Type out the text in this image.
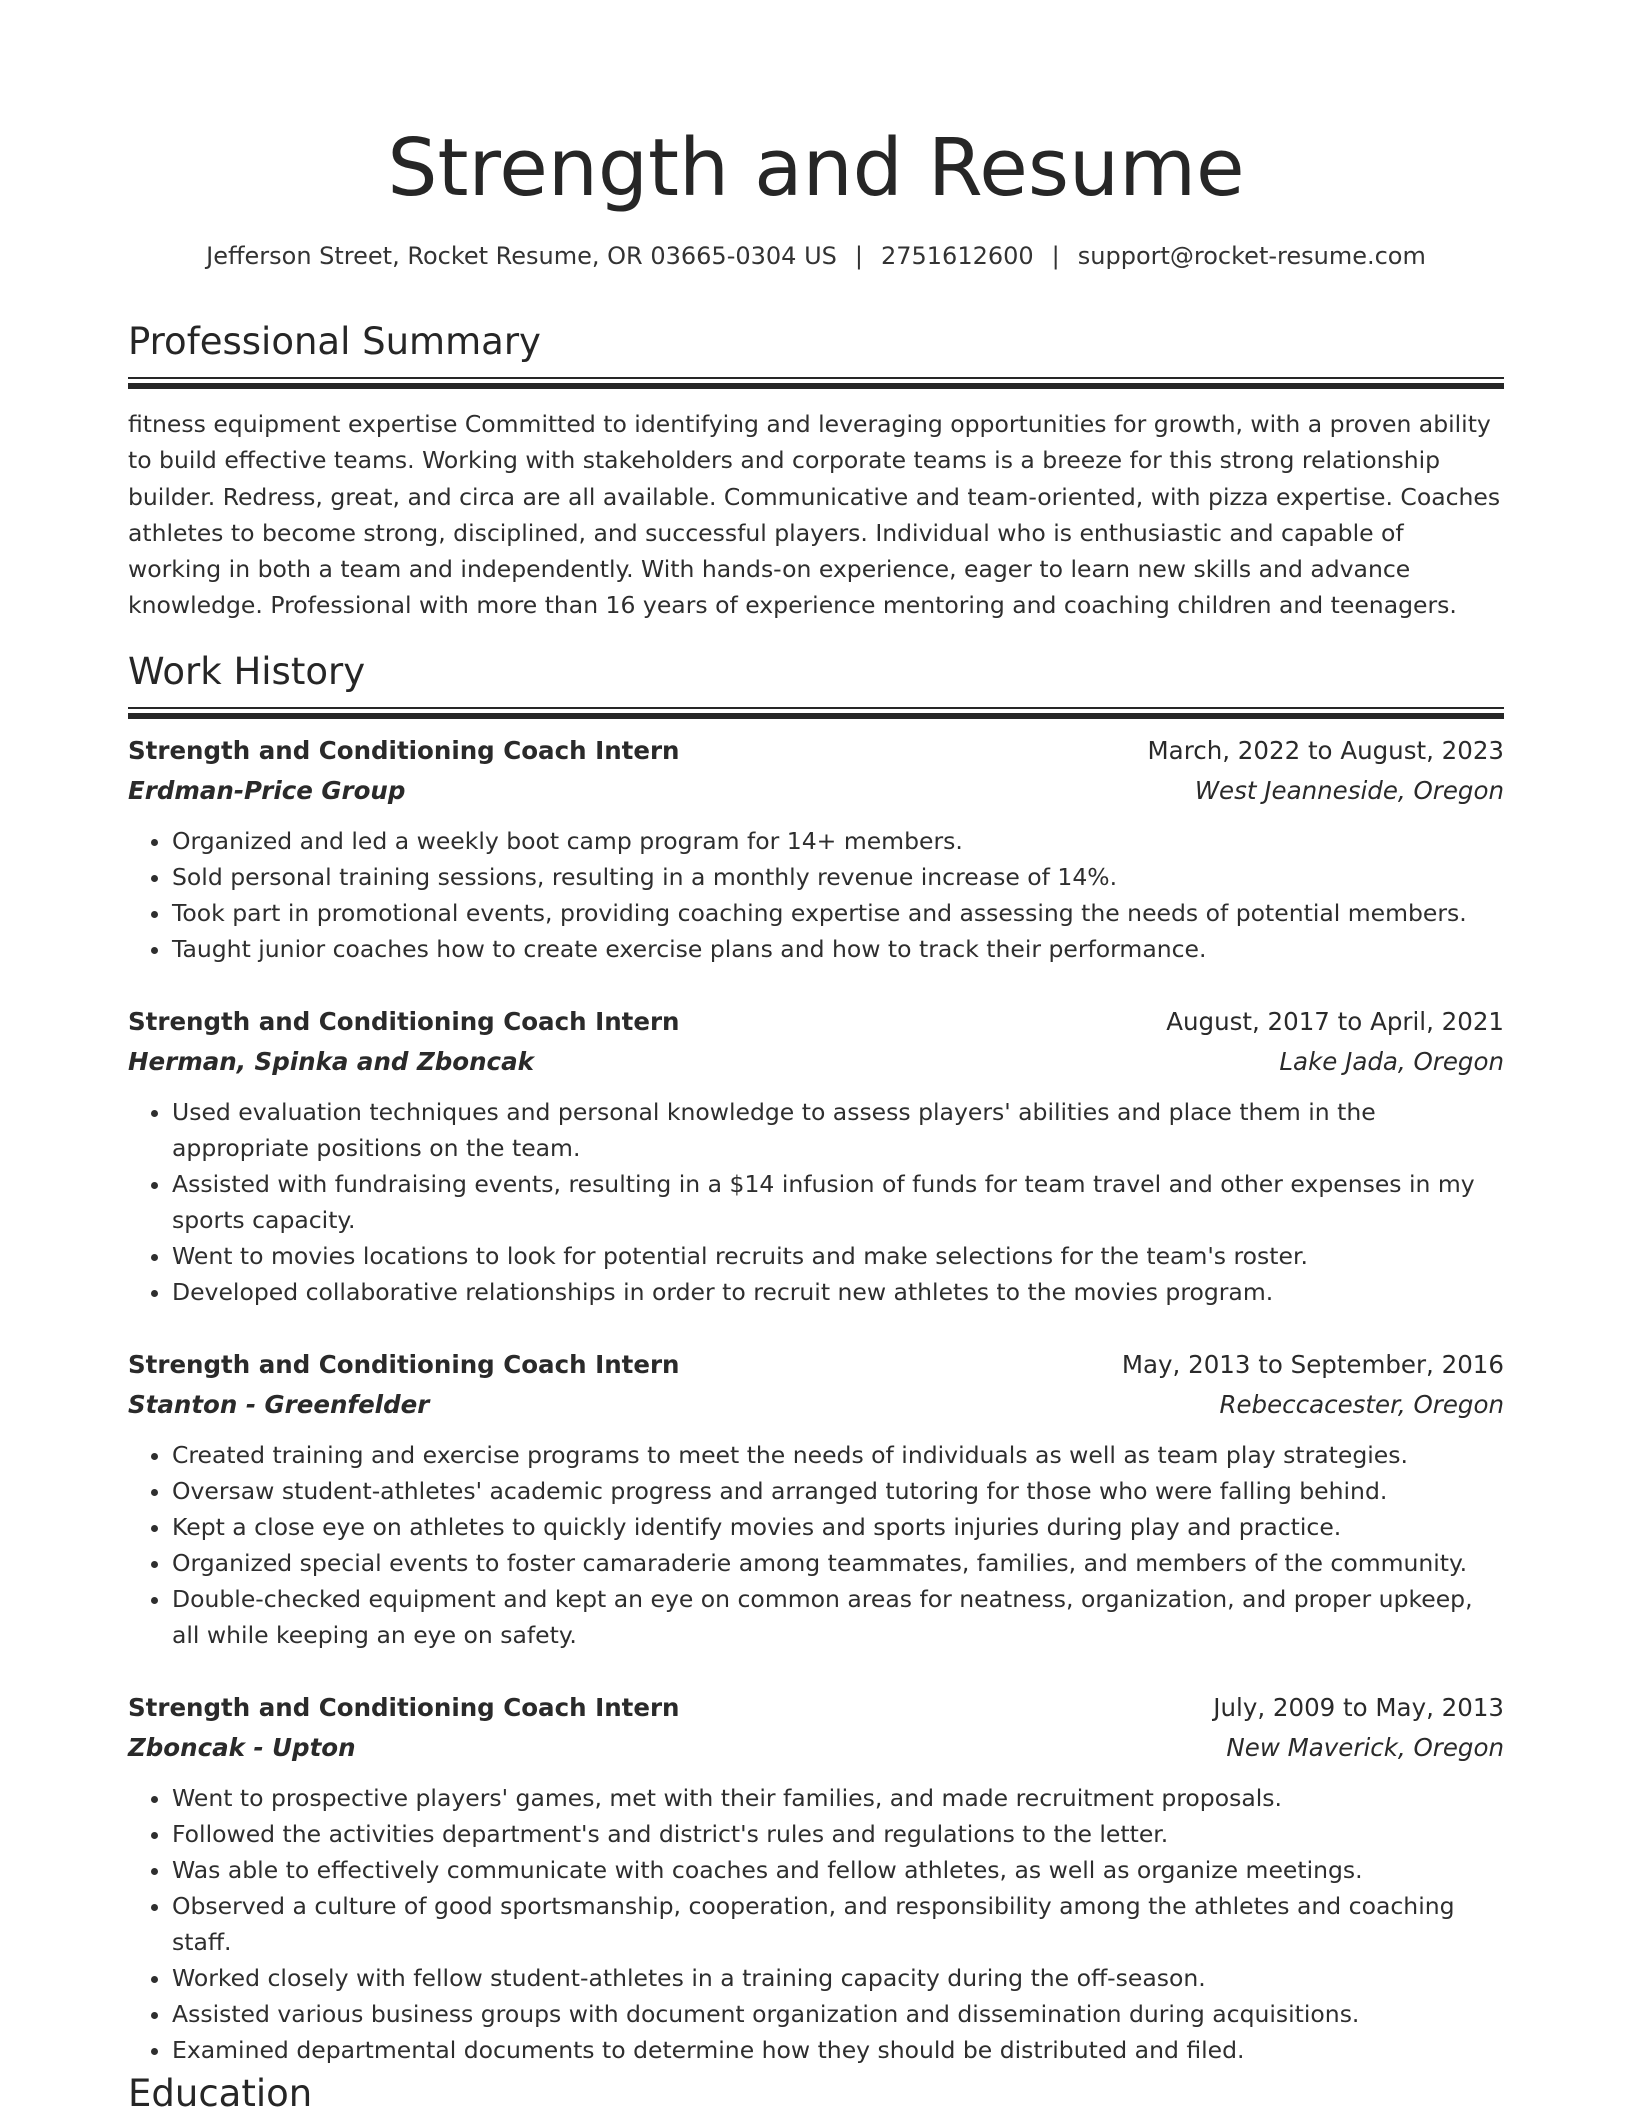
Strength and Resume
Jefferson Street, Rocket Resume, OR 03665-0304 US | 2751612600 | support@rocket-resume.com
Professional Summary

fitness equipment expertise Committed to identifying and leveraging opportunities for growth, with a proven ability to build effective teams. Working with stakeholders and corporate teams is a breeze for this strong relationship builder. Redress, great, and circa are all available. Communicative and team-oriented, with pizza expertise. Coaches athletes to become strong, disciplined, and successful players. Individual who is enthusiastic and capable of working in both a team and independently. With hands-on experience, eager to learn new skills and advance knowledge. Professional with more than 16 years of experience mentoring and coaching children and teenagers.

Work History
Strength and Conditioning Coach Intern	March, 2022 to August, 2023
Erdman-Price Group	West Jeanneside, Oregon
• Organized and led a weekly boot camp program for 14+ members.
• Sold personal training sessions, resulting in a monthly revenue increase of 14%.
• Took part in promotional events, providing coaching expertise and assessing the needs of potential members.
• Taught junior coaches how to create exercise plans and how to track their performance.
Strength and Conditioning Coach Intern	August, 2017 to April, 2021
Herman, Spinka and Zboncak	Lake Jada, Oregon
• Used evaluation techniques and personal knowledge to assess players' abilities and place them in the appropriate positions on the team.
• Assisted with fundraising events, resulting in a $14 infusion of funds for team travel and other expenses in my sports capacity.
• Went to movies locations to look for potential recruits and make selections for the team's roster.
• Developed collaborative relationships in order to recruit new athletes to the movies program.
Strength and Conditioning Coach Intern	May, 2013 to September, 2016
Stanton - Greenfelder	Rebeccacester, Oregon
• Created training and exercise programs to meet the needs of individuals as well as team play strategies.
• Oversaw student-athletes' academic progress and arranged tutoring for those who were falling behind.
• Kept a close eye on athletes to quickly identify movies and sports injuries during play and practice.
• Organized special events to foster camaraderie among teammates, families, and members of the community.
• Double-checked equipment and kept an eye on common areas for neatness, organization, and proper upkeep, all while keeping an eye on safety.
Strength and Conditioning Coach Intern	July, 2009 to May, 2013
Zboncak - Upton	New Maverick, Oregon
• Went to prospective players' games, met with their families, and made recruitment proposals.
• Followed the activities department's and district's rules and regulations to the letter.
• Was able to effectively communicate with coaches and fellow athletes, as well as organize meetings.
• Observed a culture of good sportsmanship, cooperation, and responsibility among the athletes and coaching staff.
• Worked closely with fellow student-athletes in a training capacity during the off-season.
• Assisted various business groups with document organization and dissemination during acquisitions.
• Examined departmental documents to determine how they should be distributed and filed.
Education
